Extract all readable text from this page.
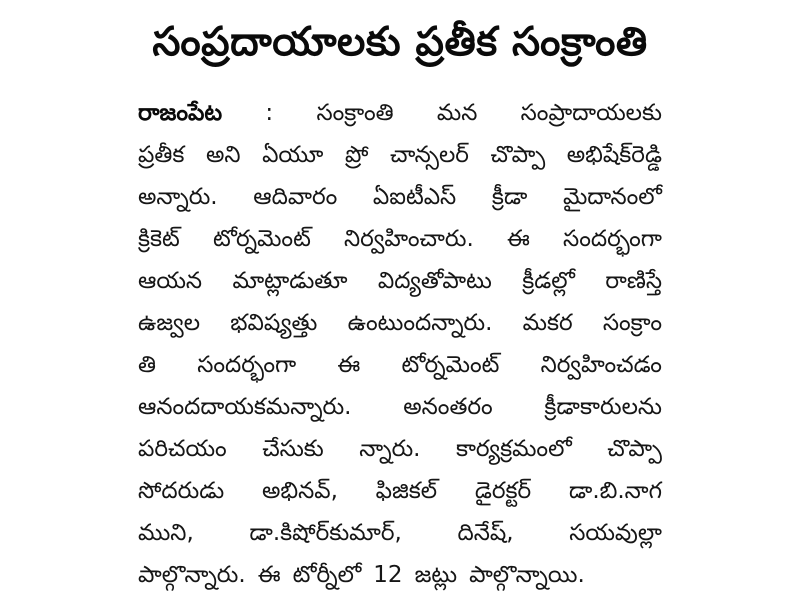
సంప్రదాయాలకు ప్రతీక సంక్రాంతి
రాజంపేట : సంక్రాంతి మన సంప్రాదాయలకు
ప్రతీక అని ఏయూ ప్రో చాన్సలర్ చొప్పా అభిషేక్‌రెడ్డి
అన్నారు. ఆదివారం ఏఐటీఎస్ క్రీడా మైదానంలో
క్రికెట్ టోర్నమెంట్ నిర్వహించారు. ఈ సందర్భంగా
ఆయన మాట్లాడుతూ విద్యతోపాటు క్రీడల్లో రాణిస్తే
ఉజ్వల భవిష్యత్తు ఉంటుందన్నారు. మకర సంక్రాం
తి సందర్భంగా ఈ టోర్నమెంట్ నిర్వహించడం
ఆనందదాయకమన్నారు. అనంతరం క్రీడాకారులను
పరిచయం చేసుకు న్నారు. కార్యక్రమంలో చొప్పా
సోదరుడు అభినవ్, ఫిజికల్ డైరక్టర్ డా.బి.నాగ
ముని, డా.కిషోర్‌కుమార్, దినేష్, సయవుల్లా
పాల్గొన్నారు. ఈ టోర్నీలో 12 జట్లు పాల్గొన్నాయి.
